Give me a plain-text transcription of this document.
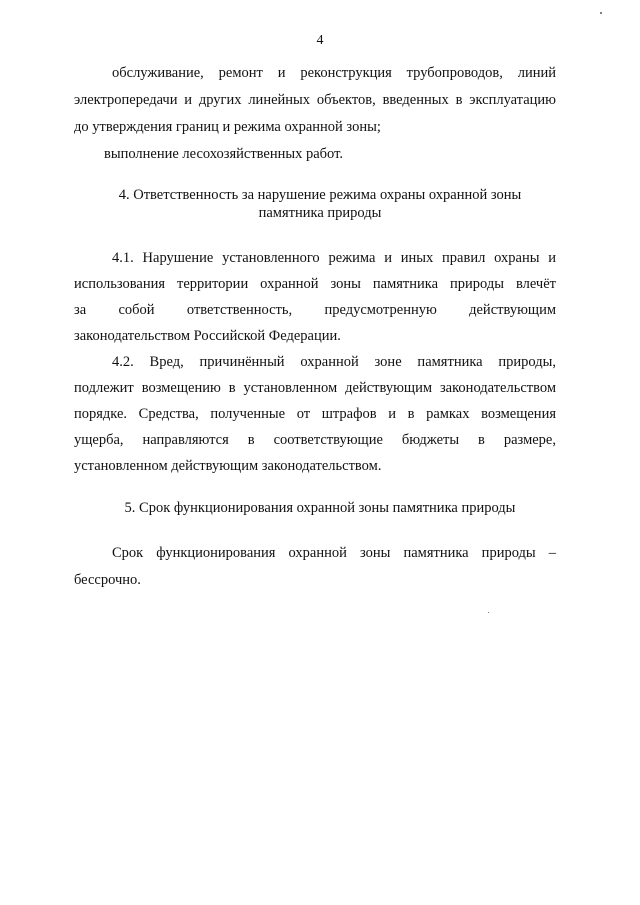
4
обслуживание, ремонт и реконструкция трубопроводов, линий
электропередачи и других линейных объектов, введенных в эксплуатацию
до утверждения границ и режима охранной зоны;
выполнение лесохозяйственных работ.
4. Ответственность за нарушение режима охраны охранной зоны
памятника природы
4.1. Нарушение установленного режима и иных правил охраны и
использования территории охранной зоны памятника природы влечёт
за собой ответственность, предусмотренную действующим
законодательством Российской Федерации.
4.2. Вред, причинённый охранной зоне памятника природы,
подлежит возмещению в установленном действующим законодательством
порядке. Средства, полученные от штрафов и в рамках возмещения
ущерба, направляются в соответствующие бюджеты в размере,
установленном действующим законодательством.
5. Срок функционирования охранной зоны памятника природы
Срок функционирования охранной зоны памятника природы –
бессрочно.
